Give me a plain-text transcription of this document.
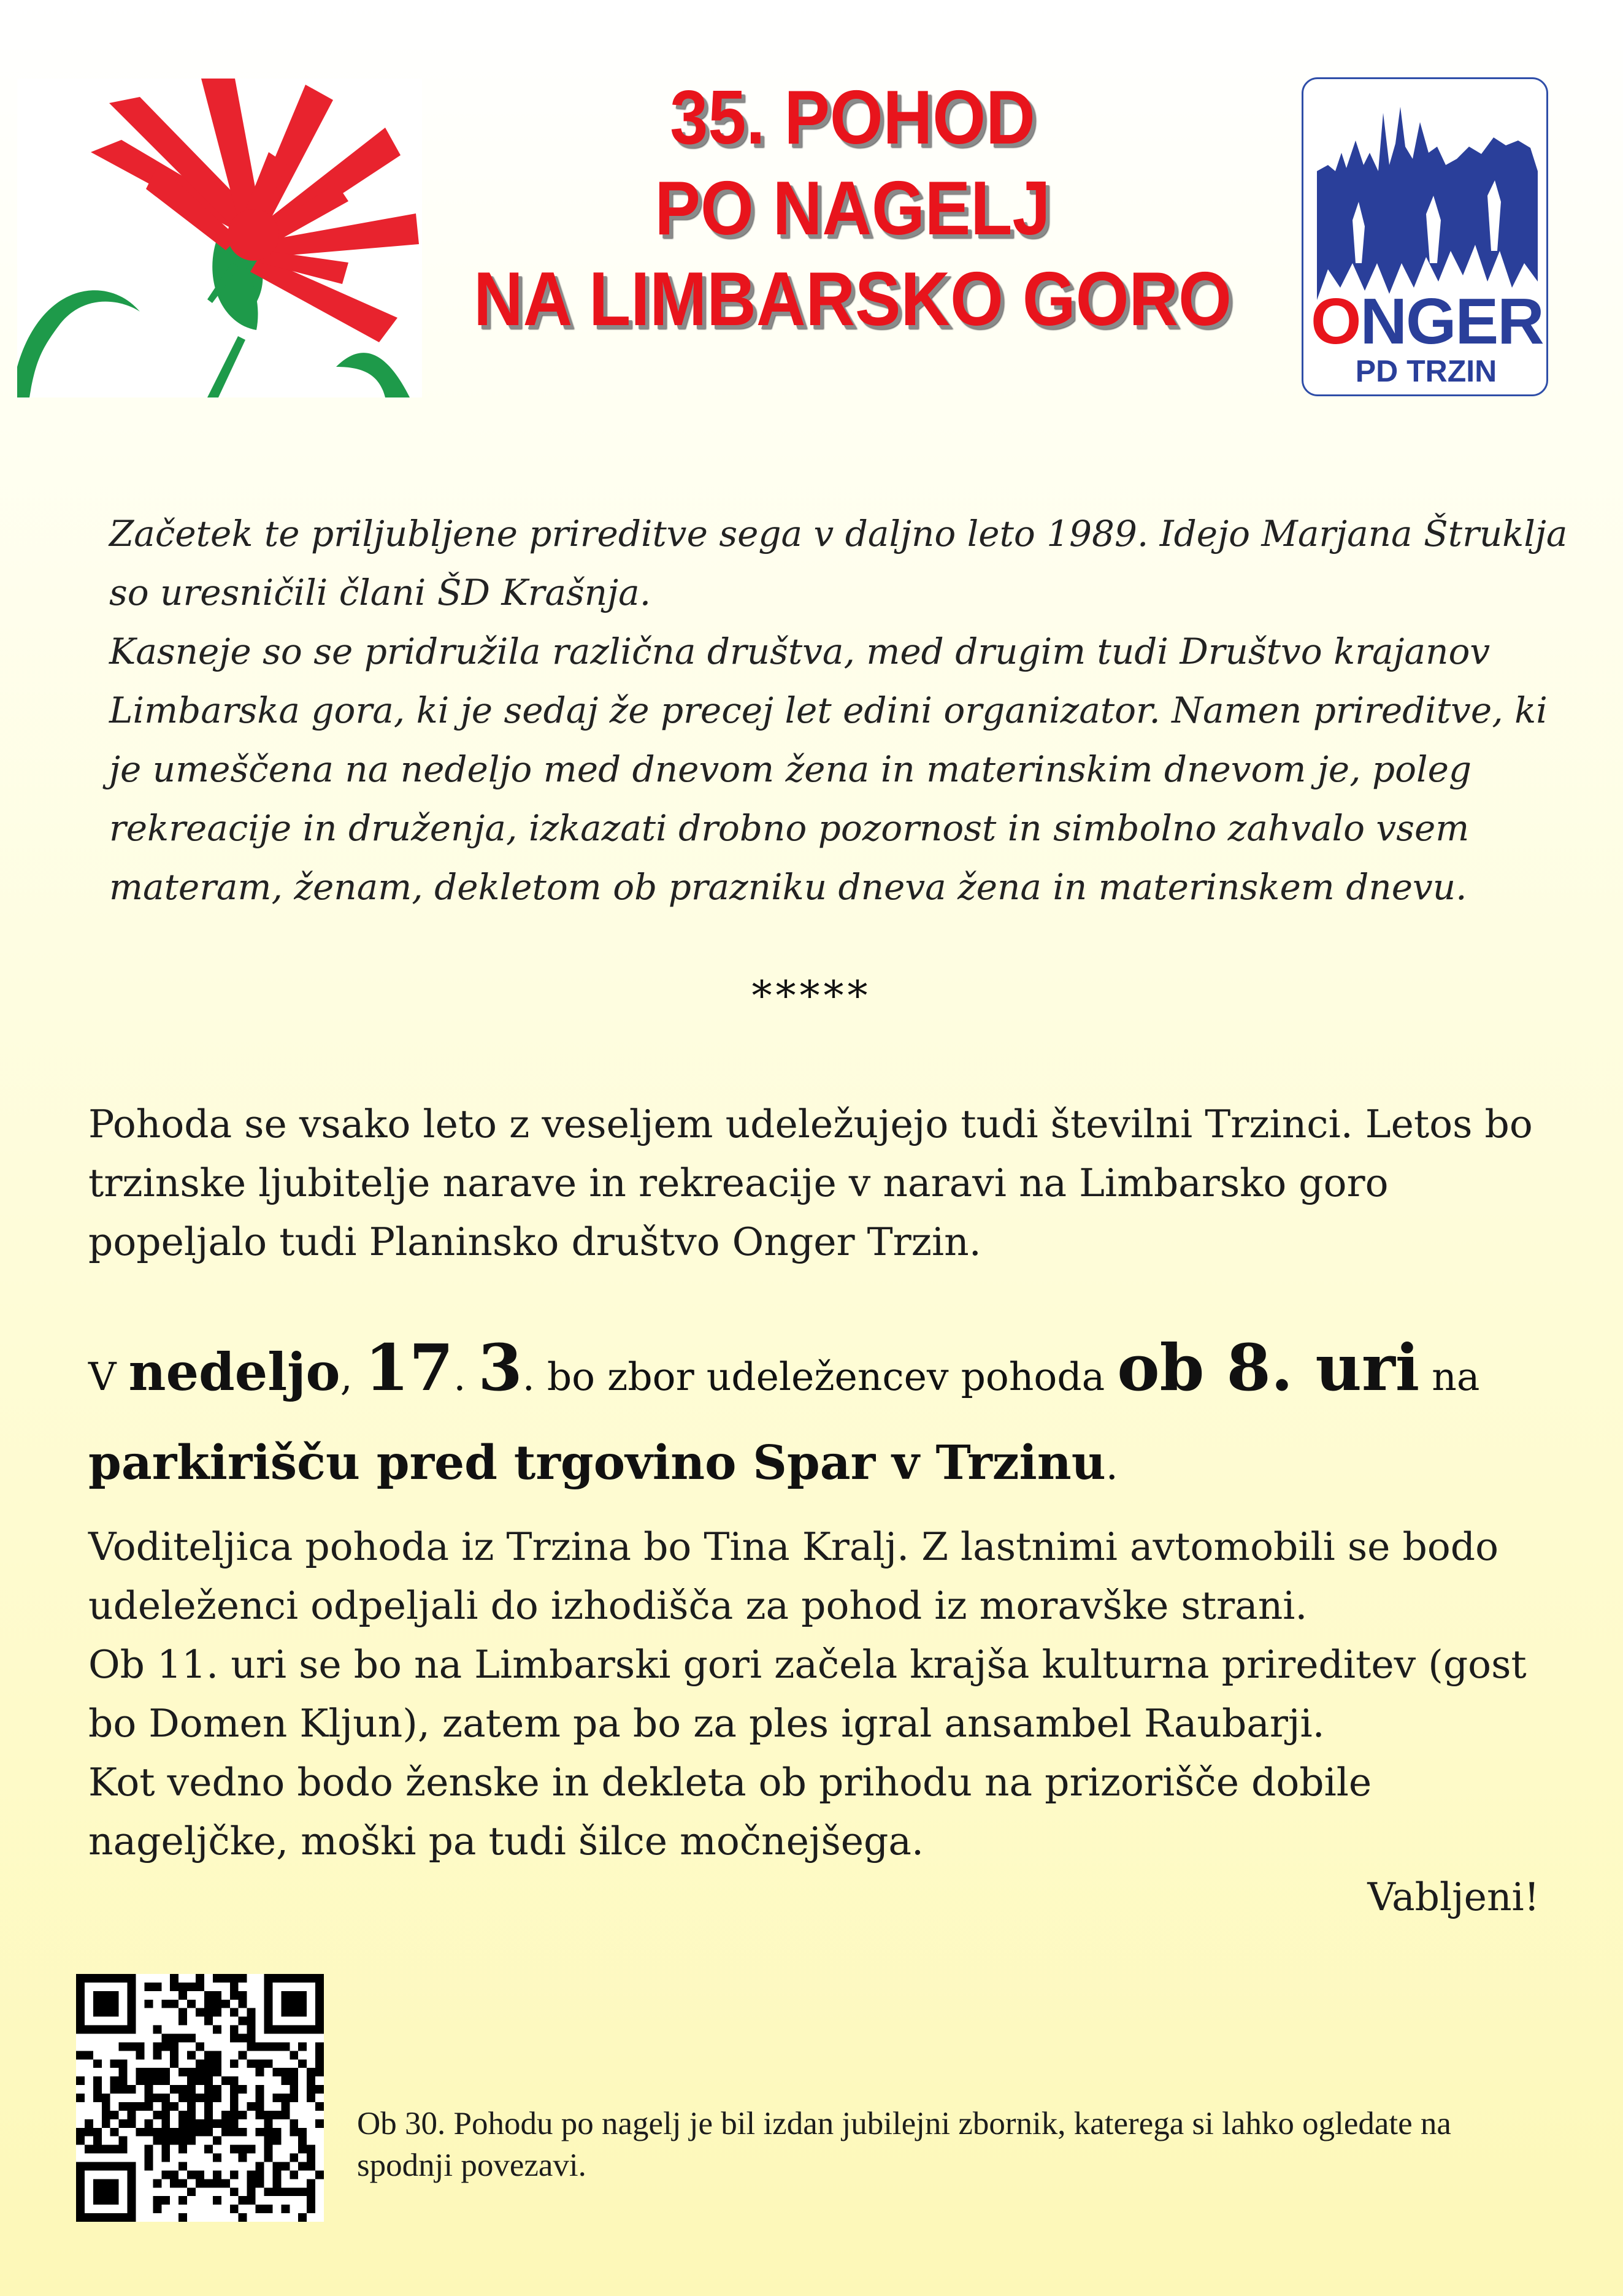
35. POHOD
PO NAGELJ
NA LIMBARSKO GORO ONGER
PD TRZIN

Začetek te priljubljene prireditve sega v daljno leto 1989. Idejo Marjana Štruklja so uresničili člani ŠD Krašnja.

Kasneje so se pridružila različna društva, med drugim tudi Društvo krajanov Limbarska gora, ki je sedaj že precej let edini organizator. Namen prireditve, ki je umeščena na nedeljo med dnevom žena in materinskim dnevom je, poleg rekreacije in druženja, izkazati drobno pozornost in simbolno zahvalo vsem materam, ženam, dekletom ob prazniku dneva žena in materinskem dnevu.

*****

Pohoda se vsako leto z veseljem udeležujejo tudi številni Trzinci. Letos bo trzinske ljubitelje narave in rekreacije v naravi na Limbarsko goro popeljalo tudi Planinsko društvo Onger Trzin.

V nedeljo, 17. 3. bo zbor udeležencev pohoda ob 8. uri na
parkirišču pred trgovino Spar v Trzinu.

Voditeljica pohoda iz Trzina bo Tina Kralj. Z lastnimi avtomobili se bodo udeleženci odpeljali do izhodišča za pohod iz moravške strani.

Ob 11. uri se bo na Limbarski gori začela krajša kulturna prireditev (gost bo Domen Kljun), zatem pa bo za ples igral ansambel Raubarji.

Kot vedno bodo ženske in dekleta ob prihodu na prizorišče dobile nageljčke, moški pa tudi šilce močnejšega.

Vabljeni!
Ob 30. Pohodu po nagelj je bil izdan jubilejni zbornik, katerega si lahko ogledate na spodnji povezavi.
